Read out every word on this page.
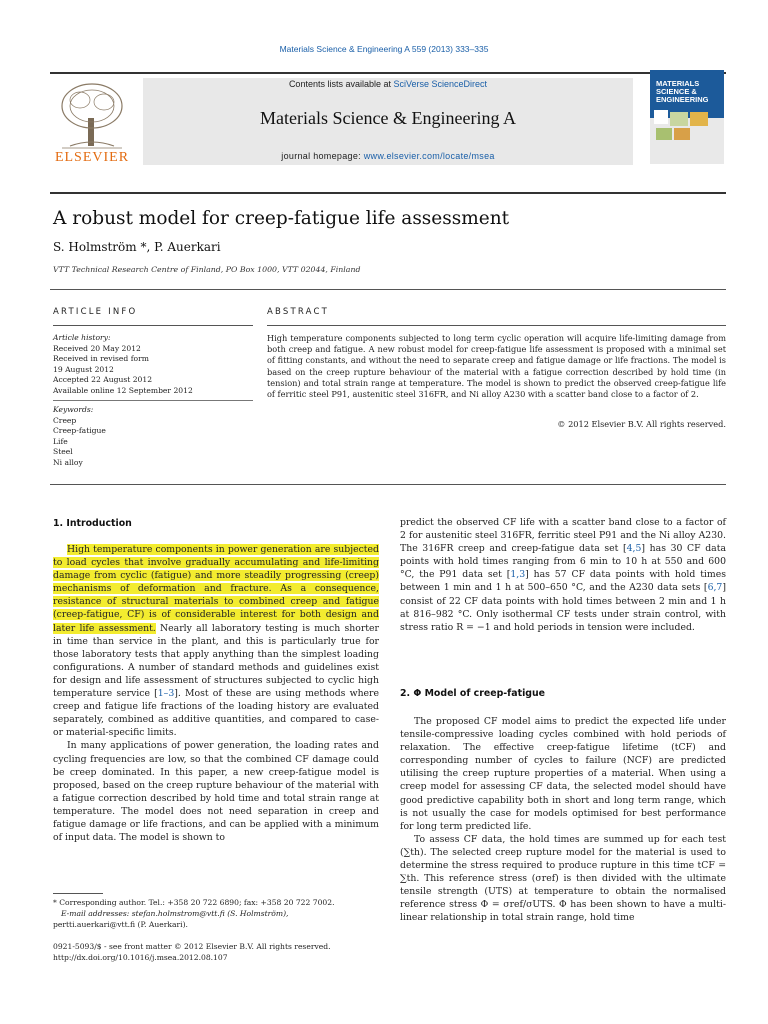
Materials Science & Engineering A 559 (2013) 333–335
ELSEVIER
Contents lists available at SciVerse ScienceDirect
Materials Science & Engineering A
journal homepage: www.elsevier.com/locate/msea
MATERIALS SCIENCE & ENGINEERING
A
A robust model for creep-fatigue life assessment
S. Holmström *, P. Auerkari
VTT Technical Research Centre of Finland, PO Box 1000, VTT 02044, Finland
ARTICLE INFO	ABSTRACT
Article history:
Received 20 May 2012
Received in revised form
19 August 2012
Accepted 22 August 2012
Available online 12 September 2012
Keywords:
Creep
Creep-fatigue
Life
Steel
Ni alloy
High temperature components subjected to long term cyclic operation will acquire life-limiting damage from both creep and fatigue. A new robust model for creep-fatigue life assessment is proposed with a minimal set of fitting constants, and without the need to separate creep and fatigue damage or life fractions. The model is based on the creep rupture behaviour of the material with a fatigue correction described by hold time (in tension) and total strain range at temperature. The model is shown to predict the observed creep-fatigue life of ferritic steel P91, austenitic steel 316FR, and Ni alloy A230 with a scatter band close to a factor of 2.
© 2012 Elsevier B.V. All rights reserved.
1. Introduction

High temperature components in power generation are subjected to load cycles that involve gradually accumulating and life-limiting damage from cyclic (fatigue) and more steadily progressing (creep) mechanisms of deformation and fracture. As a consequence, resistance of structural materials to combined creep and fatigue (creep-fatigue, CF) is of considerable interest for both design and later life assessment. Nearly all laboratory testing is much shorter in time than service in the plant, and this is particularly true for those laboratory tests that apply anything than the simplest loading configurations. A number of standard methods and guidelines exist for design and life assessment of structures subjected to cyclic high temperature service [1–3]. Most of these are using methods where creep and fatigue life fractions of the loading history are evaluated separately, combined as additive quantities, and compared to case- or material-specific limits.

In many applications of power generation, the loading rates and cycling frequencies are low, so that the combined CF damage could be creep dominated. In this paper, a new creep-fatigue model is proposed, based on the creep rupture behaviour of the material with a fatigue correction described by hold time and total strain range at temperature. The model does not need separation in creep and fatigue damage or life fractions, and can be applied with a minimum of input data. The model is shown to

predict the observed CF life with a scatter band close to a factor of 2 for austenitic steel 316FR, ferritic steel P91 and the Ni alloy A230. The 316FR creep and creep-fatigue data set [4,5] has 30 CF data points with hold times ranging from 6 min to 10 h at 550 and 600 °C, the P91 data set [1,3] has 57 CF data points with hold times between 1 min and 1 h at 500–650 °C, and the A230 data sets [6,7] consist of 22 CF data points with hold times between 2 min and 1 h at 816–982 °C. Only isothermal CF tests under strain control, with stress ratio R = −1 and hold periods in tension were included.

2. Φ Model of creep-fatigue

The proposed CF model aims to predict the expected life under tensile-compressive loading cycles combined with hold periods of relaxation. The effective creep-fatigue lifetime (tCF) and corresponding number of cycles to failure (NCF) are predicted utilising the creep rupture properties of a material. When using a creep model for assessing CF data, the selected model should have good predictive capability both in short and long term range, which is not usually the case for models optimised for best performance for long term predicted life.

To assess CF data, the hold times are summed up for each test (∑th). The selected creep rupture model for the material is used to determine the stress required to produce rupture in this time tCF = ∑th. This reference stress (σref) is then divided with the ultimate tensile strength (UTS) at temperature to obtain the normalised reference stress Φ = σref/σUTS. Φ has been shown to have a multi-linear relationship in total strain range, hold time

* Corresponding author. Tel.: +358 20 722 6890; fax: +358 20 722 7002.
E-mail addresses: stefan.holmstrom@vtt.fi (S. Holmström),
pertti.auerkari@vtt.fi (P. Auerkari).
0921-5093/$ - see front matter © 2012 Elsevier B.V. All rights reserved.
http://dx.doi.org/10.1016/j.msea.2012.08.107
